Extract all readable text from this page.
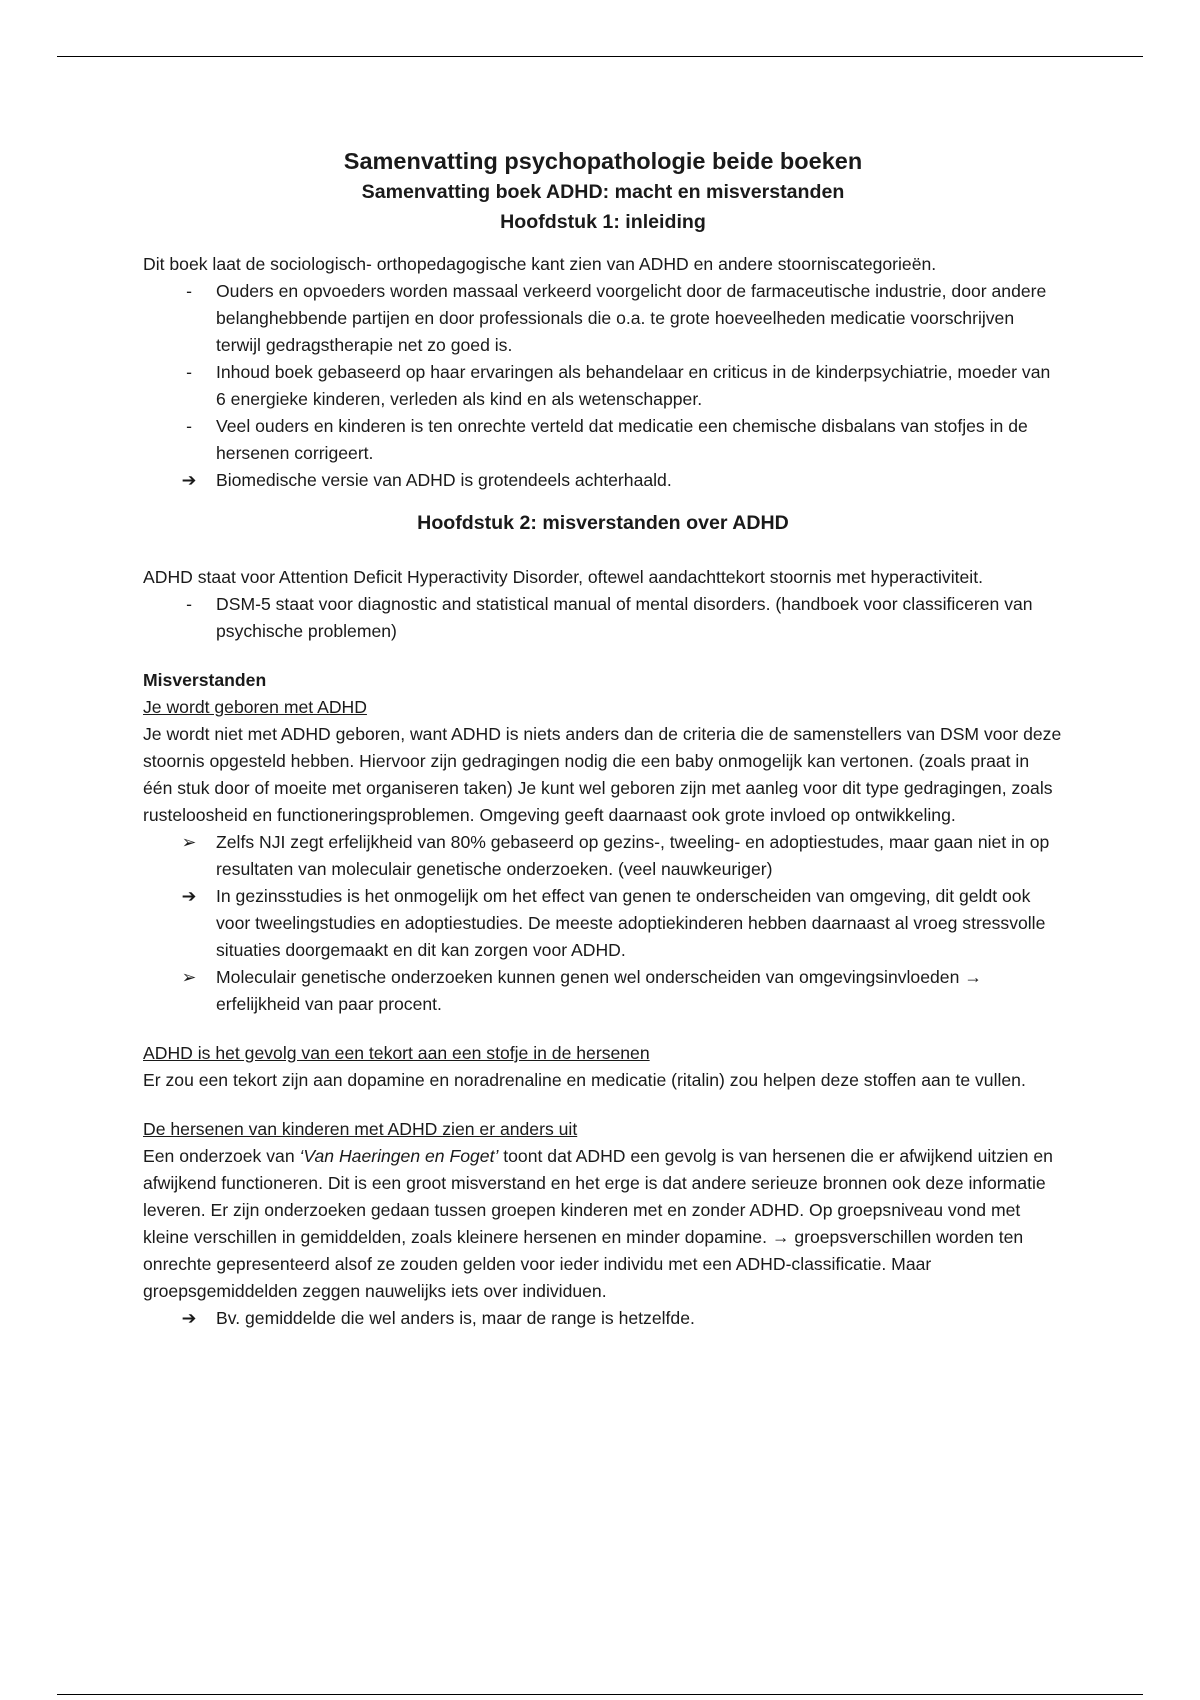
Samenvatting psychopathologie beide boeken
Samenvatting boek ADHD: macht en misverstanden
Hoofdstuk 1: inleiding

Dit boek laat de sociologisch- orthopedagogische kant zien van ADHD en andere stoorniscategorieën.

-	Ouders en opvoeders worden massaal verkeerd voorgelicht door de farmaceutische industrie, door andere belanghebbende partijen en door professionals die o.a. te grote hoeveelheden medicatie voorschrijven terwijl gedragstherapie net zo goed is.
-	Inhoud boek gebaseerd op haar ervaringen als behandelaar en criticus in de kinderpsychiatrie, moeder van 6 energieke kinderen, verleden als kind en als wetenschapper.
-	Veel ouders en kinderen is ten onrechte verteld dat medicatie een chemische disbalans van stofjes in de hersenen corrigeert.
➔ Biomedische versie van ADHD is grotendeels achterhaald.
Hoofdstuk 2: misverstanden over ADHD

ADHD staat voor Attention Deficit Hyperactivity Disorder, oftewel aandachttekort stoornis met hyperactiviteit.

-	DSM-5 staat voor diagnostic and statistical manual of mental disorders. (handboek voor classificeren van psychische problemen)

Misverstanden

Je wordt geboren met ADHD

Je wordt niet met ADHD geboren, want ADHD is niets anders dan de criteria die de samenstellers van DSM voor deze stoornis opgesteld hebben. Hiervoor zijn gedragingen nodig die een baby onmogelijk kan vertonen. (zoals praat in één stuk door of moeite met organiseren taken) Je kunt wel geboren zijn met aanleg voor dit type gedragingen, zoals rusteloosheid en functioneringsproblemen. Omgeving geeft daarnaast ook grote invloed op ontwikkeling.

➢ Zelfs NJI zegt erfelijkheid van 80% gebaseerd op gezins-, tweeling- en adoptiestudes, maar gaan niet in op resultaten van moleculair genetische onderzoeken. (veel nauwkeuriger)
➔ In gezinsstudies is het onmogelijk om het effect van genen te onderscheiden van omgeving, dit geldt ook voor tweelingstudies en adoptiestudies. De meeste adoptiekinderen hebben daarnaast al vroeg stressvolle situaties doorgemaakt en dit kan zorgen voor ADHD.
➢ Moleculair genetische onderzoeken kunnen genen wel onderscheiden van omgevingsinvloeden → erfelijkheid van paar procent.

ADHD is het gevolg van een tekort aan een stofje in de hersenen

Er zou een tekort zijn aan dopamine en noradrenaline en medicatie (ritalin) zou helpen deze stoffen aan te vullen.

De hersenen van kinderen met ADHD zien er anders uit

Een onderzoek van ‘Van Haeringen en Foget’ toont dat ADHD een gevolg is van hersenen die er afwijkend uitzien en afwijkend functioneren. Dit is een groot misverstand en het erge is dat andere serieuze bronnen ook deze informatie leveren. Er zijn onderzoeken gedaan tussen groepen kinderen met en zonder ADHD. Op groepsniveau vond met kleine verschillen in gemiddelden, zoals kleinere hersenen en minder dopamine. → groepsverschillen worden ten onrechte gepresenteerd alsof ze zouden gelden voor ieder individu met een ADHD-classificatie. Maar groepsgemiddelden zeggen nauwelijks iets over individuen.

➔ Bv. gemiddelde die wel anders is, maar de range is hetzelfde.
